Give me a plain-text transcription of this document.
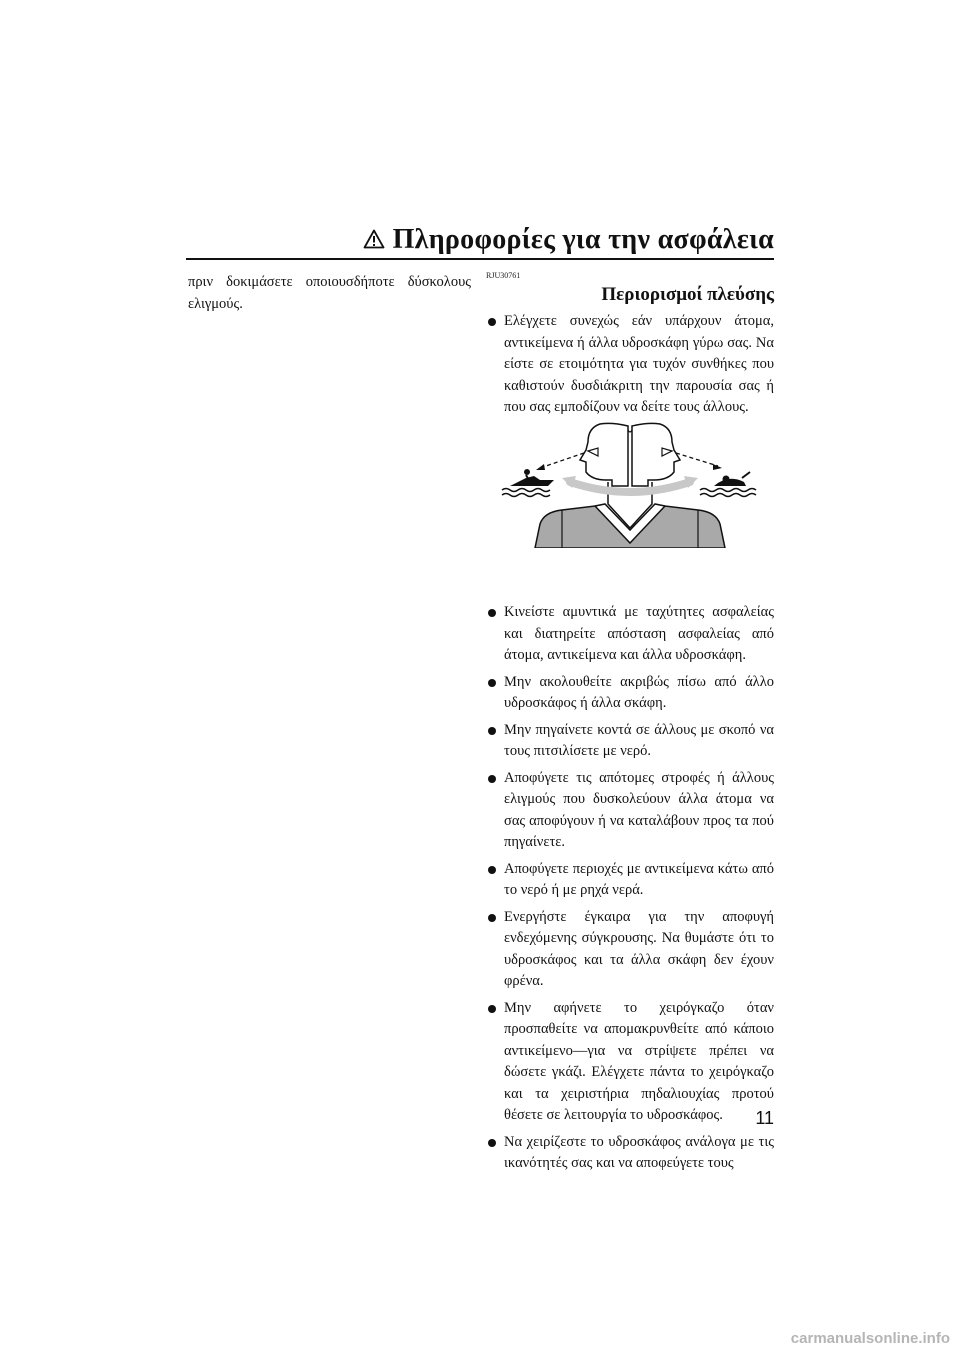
Πληροφορίες για την ασφάλεια
πριν δοκιμάσετε οποιουσδήποτε δύσκολους ελιγμούς.
RJU30761
Περιορισμοί πλεύσης
Ελέγχετε συνεχώς εάν υπάρχουν άτομα, αντικείμενα ή άλλα υδροσκάφη γύρω σας. Να είστε σε ετοιμότητα για τυχόν συνθήκες που καθιστούν δυσδιάκριτη την παρουσία σας ή που σας εμποδίζουν να δείτε τους άλλους.
Κινείστε αμυντικά με ταχύτητες ασφαλείας και διατηρείτε απόσταση ασφαλείας από άτομα, αντικείμενα και άλλα υδροσκάφη.
Μην ακολουθείτε ακριβώς πίσω από άλλο υδροσκάφος ή άλλα σκάφη.
Μην πηγαίνετε κοντά σε άλλους με σκοπό να τους πιτσιλίσετε με νερό.
Αποφύγετε τις απότομες στροφές ή άλλους ελιγμούς που δυσκολεύουν άλλα άτομα να σας αποφύγουν ή να καταλάβουν προς τα πού πηγαίνετε.
Αποφύγετε περιοχές με αντικείμενα κάτω από το νερό ή με ρηχά νερά.
Ενεργήστε έγκαιρα για την αποφυγή ενδεχόμενης σύγκρουσης. Να θυμάστε ότι το υδροσκάφος και τα άλλα σκάφη δεν έχουν φρένα.
Μην αφήνετε το χειρόγκαζο όταν προσπαθείτε να απομακρυνθείτε από κάποιο αντικείμενο—για να στρίψετε πρέπει να δώσετε γκάζι. Ελέγχετε πάντα το χειρόγκαζο και τα χειριστήρια πηδαλιουχίας προτού θέσετε σε λειτουργία το υδροσκάφος.
Να χειρίζεστε το υδροσκάφος ανάλογα με τις ικανότητές σας και να αποφεύγετε τους
11
carmanualsonline.info
